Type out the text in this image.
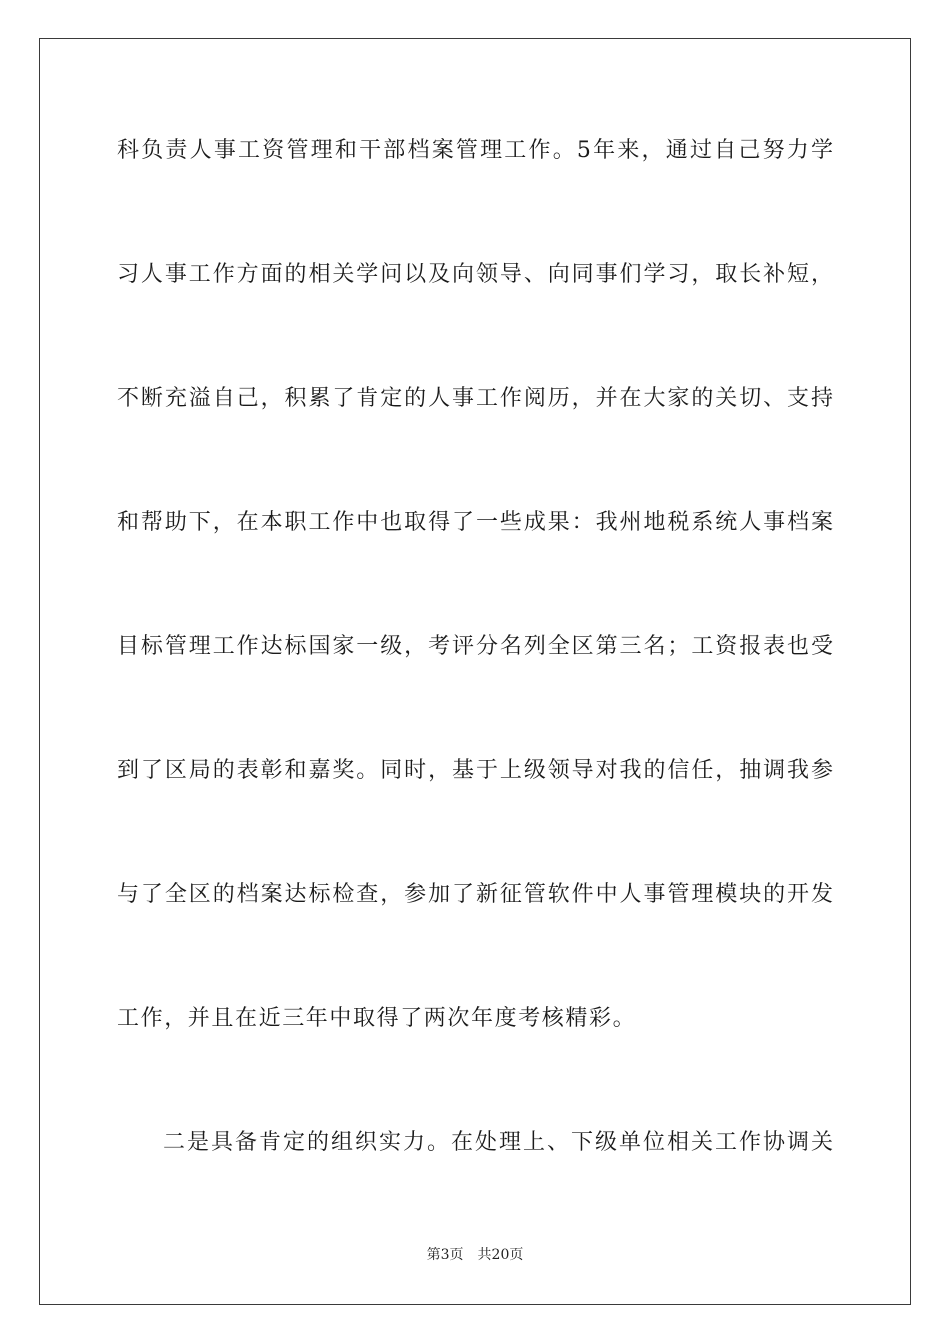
科负责人事工资管理和干部档案管理工作。5年来，通过自己努力学

习人事工作方面的相关学问以及向领导、向同事们学习，取长补短，

不断充溢自己，积累了肯定的人事工作阅历，并在大家的关切、支持

和帮助下，在本职工作中也取得了一些成果：我州地税系统人事档案

目标管理工作达标国家一级，考评分名列全区第三名；工资报表也受

到了区局的表彰和嘉奖。同时，基于上级领导对我的信任，抽调我参

与了全区的档案达标检查，参加了新征管软件中人事管理模块的开发

工作，并且在近三年中取得了两次年度考核精彩。

二是具备肯定的组织实力。在处理上、下级单位相关工作协调关

第3页 共20页
